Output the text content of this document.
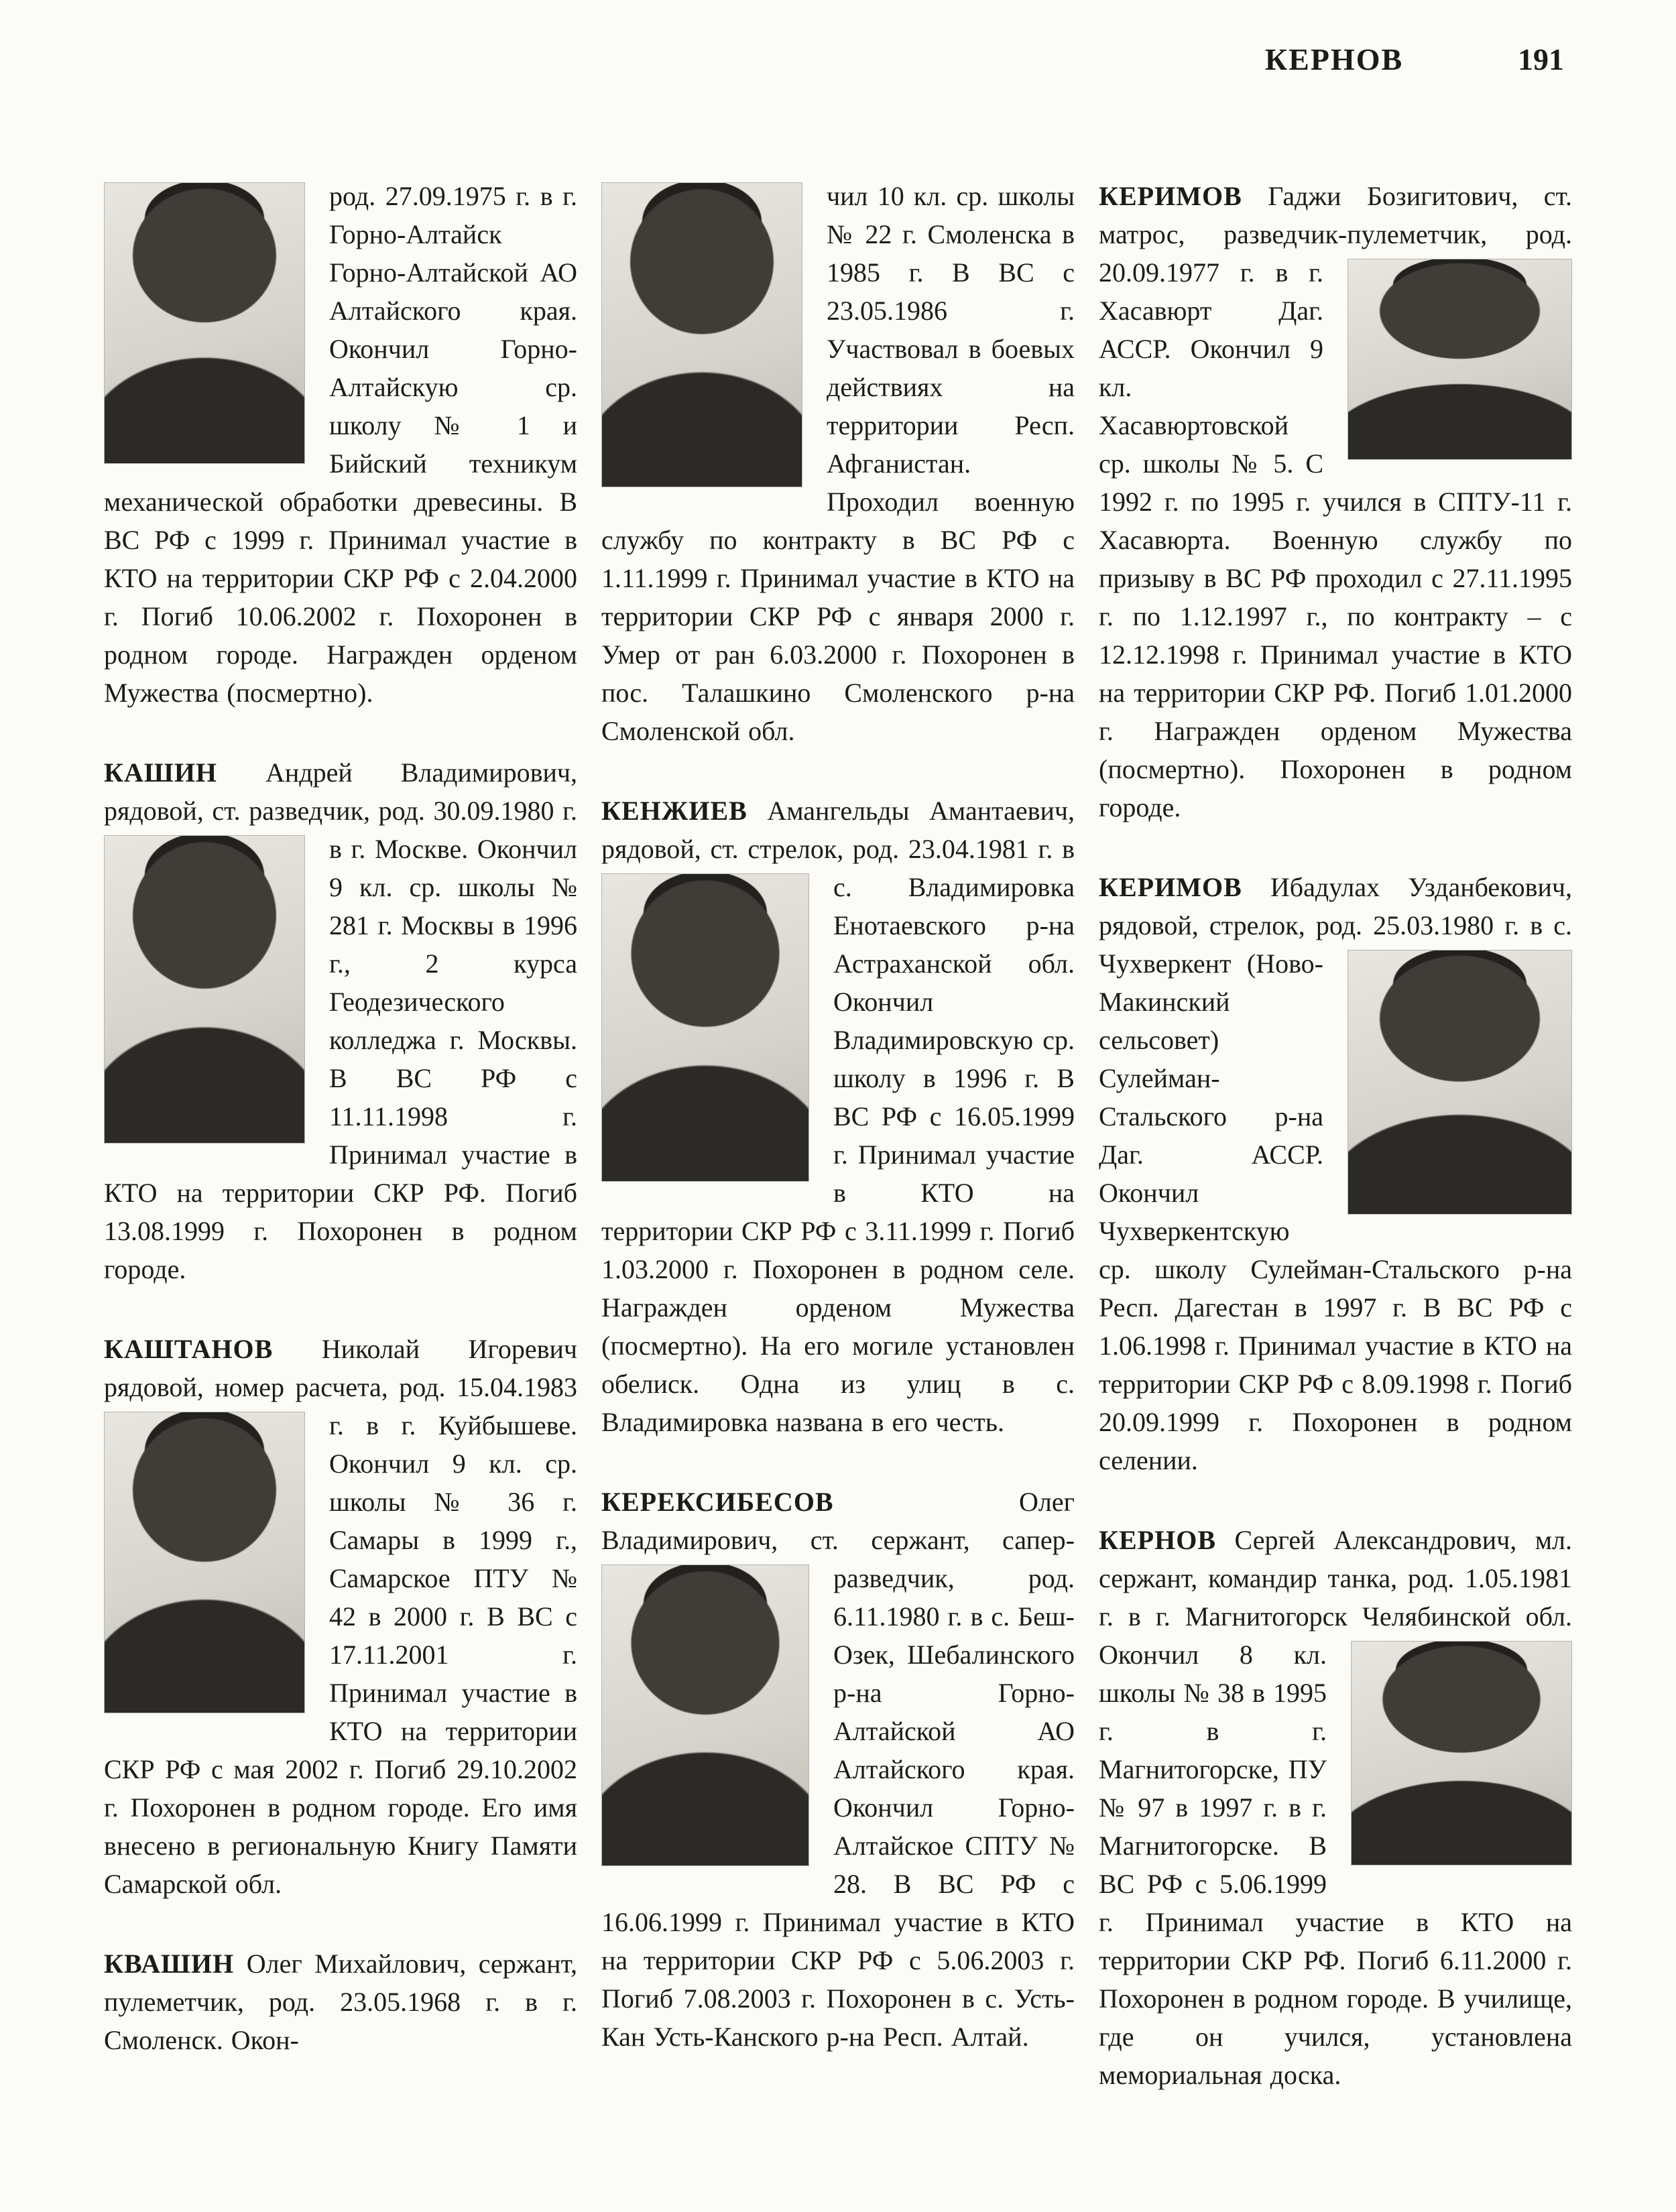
КЕРНОВ	191

род. 27.09.1975 г. в г. Горно-Алтайск Горно-Алтайской АО Алтайского края. Окончил Горно-Алтайскую ср. школу № 1 и Бийский техникум механической обработки древесины. В ВС РФ с 1999 г. Принимал участие в КТО на территории СКР РФ с 2.04.2000 г. Погиб 10.06.2002 г. Похоронен в родном городе. Награжден орденом Мужества (посмертно).

КАШИН Андрей Владимирович, рядовой, ст. разведчик, род. 30.09.1980 г. в г. Москве. Окончил 9 кл. ср. школы № 281 г. Москвы в 1996 г., 2 курса Геодезического колледжа г. Москвы. В ВС РФ с 11.11.1998 г. Принимал участие в КТО на территории СКР РФ. Погиб 13.08.1999 г. Похоронен в родном городе.

КАШТАНОВ Николай Игоревич рядовой, номер расчета, род. 15.04.1983 г. в г. Куйбышеве. Окончил 9 кл. ср. школы № 36 г. Самары в 1999 г., Самарское ПТУ № 42 в 2000 г. В ВС с 17.11.2001 г. Принимал участие в КТО на территории СКР РФ с мая 2002 г. Погиб 29.10.2002 г. Похоронен в родном городе. Его имя внесено в региональную Книгу Памяти Самарской обл.

КВАШИН Олег Михайлович, сержант, пулеметчик, род. 23.05.1968 г. в г. Смоленск. Окон-

чил 10 кл. ср. школы № 22 г. Смоленска в 1985 г. В ВС с 23.05.1986 г. Участвовал в боевых действиях на территории Респ. Афганистан. Проходил военную службу по контракту в ВС РФ с 1.11.1999 г. Принимал участие в КТО на территории СКР РФ с января 2000 г. Умер от ран 6.03.2000 г. Похоронен в пос. Талашкино Смоленского р-на Смоленской обл.

КЕНЖИЕВ Амангельды Амантаевич, рядовой, ст. стрелок, род. 23.04.1981 г. в с. Владимировка Енотаевского р-на Астраханской обл. Окончил Владимировскую ср. школу в 1996 г. В ВС РФ с 16.05.1999 г. Принимал участие в КТО на территории СКР РФ с 3.11.1999 г. Погиб 1.03.2000 г. Похоронен в родном селе. Награжден орденом Мужества (посмертно). На его могиле установлен обелиск. Одна из улиц в с. Владимировка названа в его честь.

КЕРЕКСИБЕСОВ	Олег Владимирович, ст. сержант, сапер-разведчик, род.
6.11.1980 г. в с. Беш-Озек, Шебалинского р-на Горно-Алтайской АО Алтайского края. Окончил Горно-Алтайское СПТУ № 28. В ВС РФ с 16.06.1999 г. Принимал участие в КТО на территории СКР РФ с 5.06.2003 г. Погиб 7.08.2003 г. Похоронен в с. Усть-Кан Усть-Канского р-на Респ. Алтай.

КЕРИМОВ Гаджи Бозигитович, ст. матрос, разведчик-пулеметчик, род. 20.09.1977 г. в г. Хасавюрт Даг. АССР. Окончил 9 кл. Хасавюртовской ср. школы № 5. С 1992 г. по 1995 г. учился в СПТУ-11 г. Хасавюрта. Военную службу по призыву в ВС РФ проходил с 27.11.1995 г. по 1.12.1997 г., по контракту – с 12.12.1998 г. Принимал участие в КТО на территории СКР РФ. Погиб 1.01.2000 г. Награжден орденом Мужества (посмертно). Похоронен в родном городе.

КЕРИМОВ Ибадулах Узданбекович, рядовой, стрелок, род. 25.03.1980 г. в с. Чухверкент (Ново-Макинский сельсовет) Сулейман-Стальского р-на Даг. АССР. Окончил Чухверкентскую ср. школу Сулейман-Стальского р-на Респ. Дагестан в 1997 г. В ВС РФ с 1.06.1998 г. Принимал участие в КТО на территории СКР РФ с 8.09.1998 г. Погиб 20.09.1999 г. Похоронен в родном селении.

КЕРНОВ Сергей Александрович, мл. сержант, командир танка, род. 1.05.1981 г. в г. Магнитогорск Челябинской обл. Окончил 8 кл. школы № 38 в 1995 г. в г. Магнитогорске, ПУ № 97 в 1997 г. в г. Магнитогорске. В ВС РФ с 5.06.1999 г. Принимал участие в КТО на территории СКР РФ. Погиб 6.11.2000 г. Похоронен в родном городе. В училище, где он учился, установлена мемориальная доска.
